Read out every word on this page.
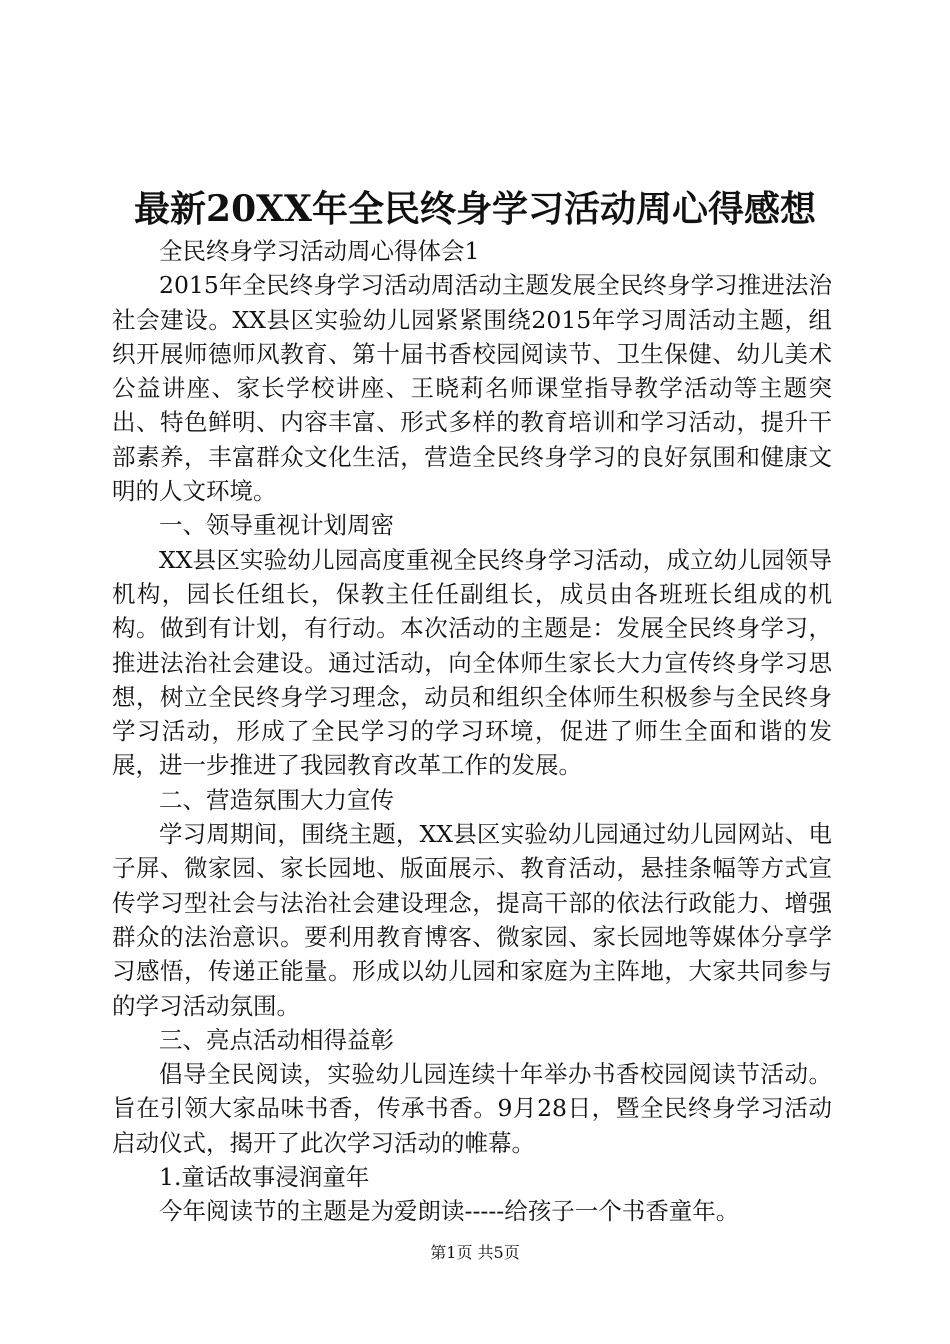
最新20XX年全民终身学习活动周心得感想

全民终身学习活动周心得体会1

2015年全民终身学习活动周活动主题发展全民终身学习推进法治社会建设。XX县区实验幼儿园紧紧围绕2015年学习周活动主题，组织开展师德师风教育、第十届书香校园阅读节、卫生保健、幼儿美术公益讲座、家长学校讲座、王晓莉名师课堂指导教学活动等主题突出、特色鲜明、内容丰富、形式多样的教育培训和学习活动，提升干部素养，丰富群众文化生活，营造全民终身学习的良好氛围和健康文明的人文环境。

一、领导重视计划周密

XX县区实验幼儿园高度重视全民终身学习活动，成立幼儿园领导机构，园长任组长，保教主任任副组长，成员由各班班长组成的机构。做到有计划，有行动。本次活动的主题是：发展全民终身学习，推进法治社会建设。通过活动，向全体师生家长大力宣传终身学习思想，树立全民终身学习理念，动员和组织全体师生积极参与全民终身学习活动，形成了全民学习的学习环境，促进了师生全面和谐的发展，进一步推进了我园教育改革工作的发展。

二、营造氛围大力宣传

学习周期间，围绕主题，XX县区实验幼儿园通过幼儿园网站、电子屏、微家园、家长园地、版面展示、教育活动，悬挂条幅等方式宣传学习型社会与法治社会建设理念，提高干部的依法行政能力、增强群众的法治意识。要利用教育博客、微家园、家长园地等媒体分享学习感悟，传递正能量。形成以幼儿园和家庭为主阵地，大家共同参与的学习活动氛围。

三、亮点活动相得益彰

倡导全民阅读，实验幼儿园连续十年举办书香校园阅读节活动。旨在引领大家品味书香，传承书香。9月28日，暨全民终身学习活动启动仪式，揭开了此次学习活动的帷幕。

1.童话故事浸润童年

今年阅读节的主题是为爱朗读-----给孩子一个书香童年。

第1页 共5页
